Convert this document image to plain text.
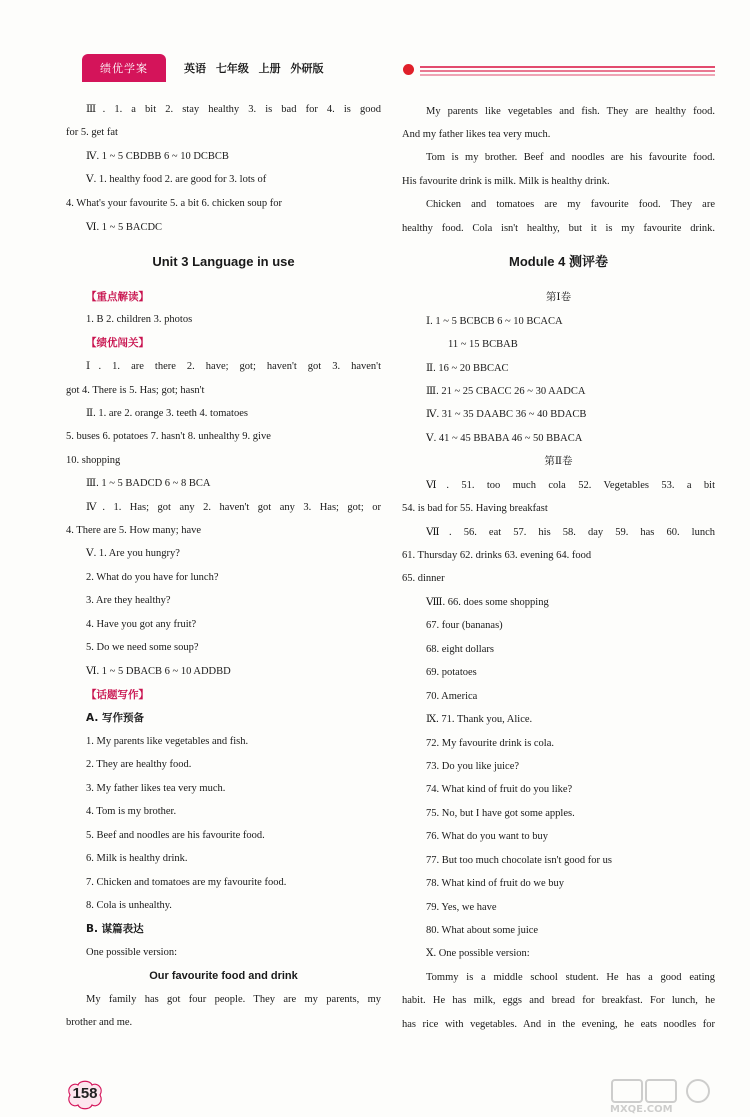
绩优学案	英语 七年级 上册 外研版
Ⅲ. 1. a bit 2. stay healthy 3. is bad for 4. is good
for 5. get fat
Ⅳ. 1 ~ 5 CBDBB 6 ~ 10 DCBCB
Ⅴ. 1. healthy food 2. are good for 3. lots of
4. What's your favourite 5. a bit 6. chicken soup for
Ⅵ. 1 ~ 5 BACDC
Unit 3 Language in use
【重点解读】
1. B 2. children 3. photos
【绩优闯关】
Ⅰ. 1. are there 2. have; got; haven't got 3. haven't
got 4. There is 5. Has; got; hasn't
Ⅱ. 1. are 2. orange 3. teeth 4. tomatoes
5. buses 6. potatoes 7. hasn't 8. unhealthy 9. give
10. shopping
Ⅲ. 1 ~ 5 BADCD 6 ~ 8 BCA
Ⅳ. 1. Has; got any 2. haven't got any 3. Has; got; or
4. There are 5. How many; have
Ⅴ. 1. Are you hungry?
2. What do you have for lunch?
3. Are they healthy?
4. Have you got any fruit?
5. Do we need some soup?
Ⅵ. 1 ~ 5 DBACB 6 ~ 10 ADDBD
【话题写作】
A. 写作预备
1. My parents like vegetables and fish.
2. They are healthy food.
3. My father likes tea very much.
4. Tom is my brother.
5. Beef and noodles are his favourite food.
6. Milk is healthy drink.
7. Chicken and tomatoes are my favourite food.
8. Cola is unhealthy.
B. 谋篇表达
One possible version:
Our favourite food and drink
My family has got four people. They are my parents, my
brother and me.
My parents like vegetables and fish. They are healthy food.
And my father likes tea very much.
Tom is my brother. Beef and noodles are his favourite food.
His favourite drink is milk. Milk is healthy drink.
Chicken and tomatoes are my favourite food. They are
healthy food. Cola isn't healthy, but it is my favourite drink.
Module 4 测评卷
第Ⅰ卷
Ⅰ. 1 ~ 5 BCBCB 6 ~ 10 BCACA
11 ~ 15 BCBAB
Ⅱ. 16 ~ 20 BBCAC
Ⅲ. 21 ~ 25 CBACC 26 ~ 30 AADCA
Ⅳ. 31 ~ 35 DAABC 36 ~ 40 BDACB
Ⅴ. 41 ~ 45 BBABA 46 ~ 50 BBACA
第Ⅱ卷
Ⅵ. 51. too much cola 52. Vegetables 53. a bit
54. is bad for 55. Having breakfast
Ⅶ. 56. eat 57. his 58. day 59. has 60. lunch
61. Thursday 62. drinks 63. evening 64. food
65. dinner
Ⅷ. 66. does some shopping
67. four (bananas)
68. eight dollars
69. potatoes
70. America
Ⅸ. 71. Thank you, Alice.
72. My favourite drink is cola.
73. Do you like juice?
74. What kind of fruit do you like?
75. No, but I have got some apples.
76. What do you want to buy
77. But too much chocolate isn't good for us
78. What kind of fruit do we buy
79. Yes, we have
80. What about some juice
Ⅹ. One possible version:
Tommy is a middle school student. He has a good eating
habit. He has milk, eggs and bread for breakfast. For lunch, he
has rice with vegetables. And in the evening, he eats noodles for
158
MXQE.COM
